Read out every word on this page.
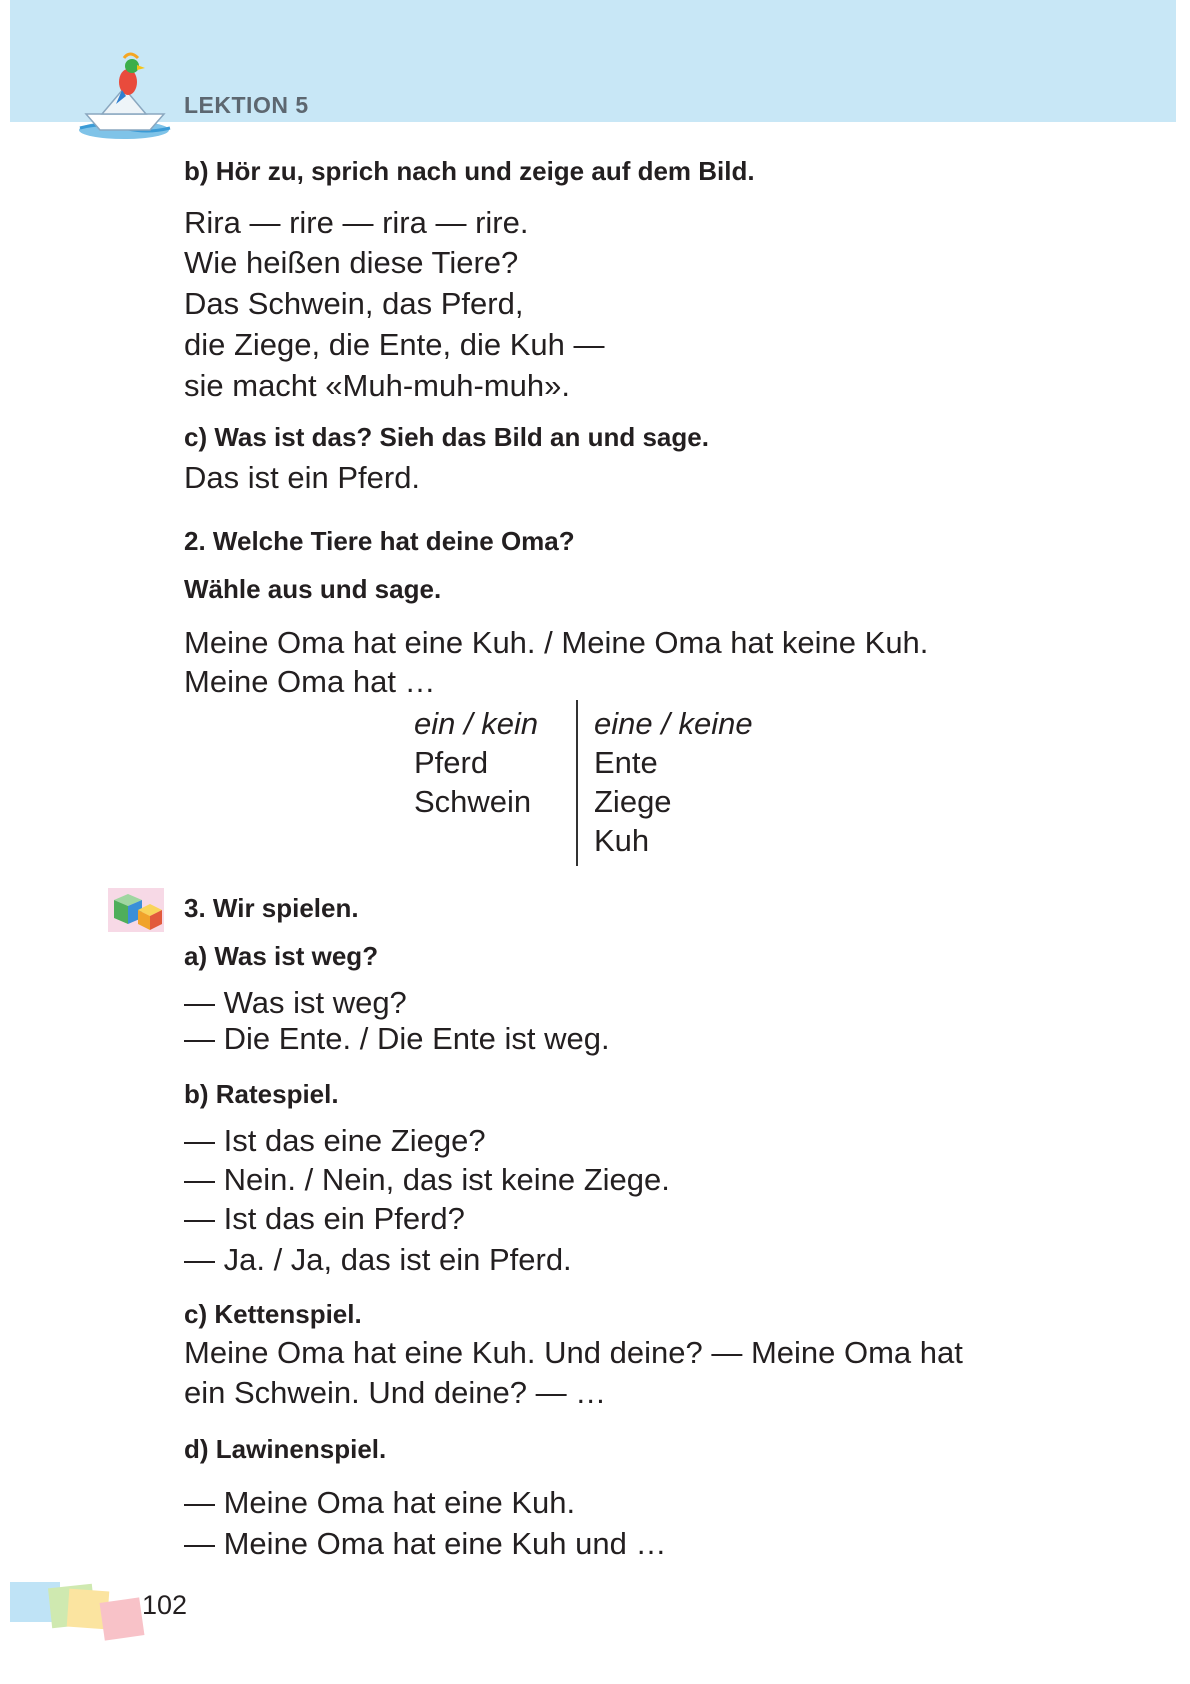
LEKTION 5
b) Hör zu, sprich nach und zeige auf dem Bild.
Rira — rire — rira — rire.
Wie heißen diese Tiere?
Das Schwein, das Pferd,
die Ziege, die Ente, die Kuh —
sie macht «Muh-muh-muh».
c) Was ist das? Sieh das Bild an und sage.
Das ist ein Pferd.
2. Welche Tiere hat deine Oma?
Wähle aus und sage.
Meine Oma hat eine Kuh. / Meine Oma hat keine Kuh.
Meine Oma hat …
3. Wir spielen.
a) Was ist weg?
— Was ist weg?
— Die Ente. / Die Ente ist weg.
b) Ratespiel.
— Ist das eine Ziege?
— Nein. / Nein, das ist keine Ziege.
— Ist das ein Pferd?
— Ja. / Ja, das ist ein Pferd.
c) Kettenspiel.
Meine Oma hat eine Kuh. Und deine? — Meine Oma hat
ein Schwein. Und deine? — …
d) Lawinenspiel.
— Meine Oma hat eine Kuh.
— Meine Oma hat eine Kuh und …
ein / kein
Pferd
Schwein
eine / keine
Ente
Ziege
Kuh
102
